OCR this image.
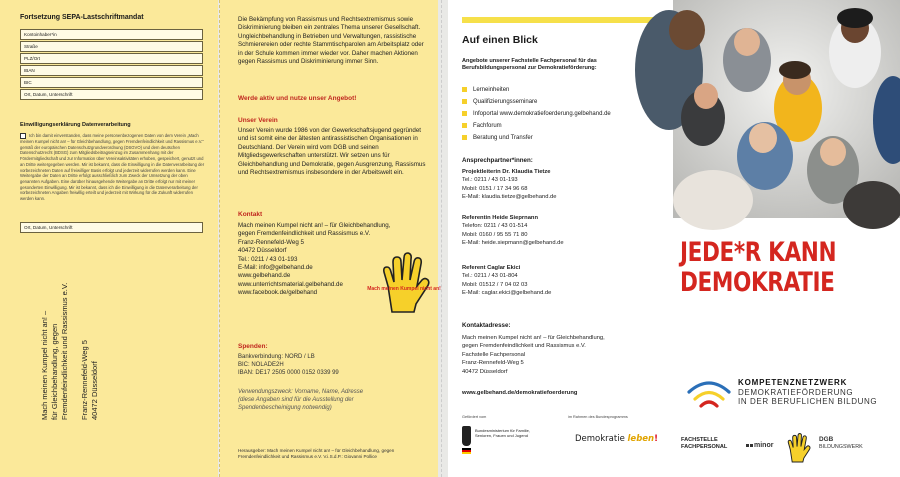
Fortsetzung SEPA-Lastschriftmandat
Kontoinhaber*in
Straße
PLZ/Ort
IBAN
BIC
Ort, Datum, Unterschrift
Einwilligungserklärung Datenverarbeitung
Ich bin damit einverstanden, dass meine personenbezogenen Daten von dem Verein „Mach meinen Kumpel nicht an! – für Gleichbehandlung, gegen Fremdenfeindlichkeit und Rassismus e.V.“ gemäß der europäischen Datenschutzgrundverordnung (DSGVO) und dem deutschen Datenschutzrecht (BDSG) zum Mitgliedsbeitragseinzug im Zusammenhang mit der Fördermitgliedschaft und zur Information über Vereinsaktivitäten erhoben, gespeichert, genutzt und an Dritte weitergegeben werden. Mir ist bekannt, dass die Einwilligung in die Datenverarbeitung der vorbezeichneten Daten auf freiwilliger Basis erfolgt und jederzeit widerrufen werden kann. Eine Weitergabe der Daten an Dritte erfolgt ausschließlich zum Zweck der Umsetzung der oben genannten Aufgaben. Eine darüber hinausgehende Weitergabe an Dritte erfolgt nur mit meiner gesonderten Einwilligung. Mir ist bekannt, dass ich die Einwilligung in die Datenverarbeitung der vorbezeichneten Angaben freiwillig erteilt und jederzeit mit Wirkung für die Zukunft widerrufen werden kann.
Ort, Datum, Unterschrift
Mach meinen Kumpel nicht an! – für Gleichbehandlung, gegen Fremdenfeindlichkeit und Rassismus e.V. Franz-Rennefeld-Weg 5 40472 Düsseldorf
Die Bekämpfung von Rassismus und Rechtsextremismus sowie Diskriminierung bleiben ein zentrales Thema unserer Gesellschaft. Ungleichbehandlung in Betrieben und Verwaltungen, rassistische Schmierereien oder rechte Stammtischparolen am Arbeitsplatz oder in der Schule kommen immer wieder vor. Daher machen Aktionen gegen Rassismus und Diskriminierung immer Sinn.
Werde aktiv und nutze unser Angebot!
Unser Verein
Unser Verein wurde 1986 von der Gewerkschaftsjugend gegründet und ist somit eine der ältesten antirassistischen Organisationen in Deutschland. Der Verein wird vom DGB und seinen Mitgliedsgewerkschaften unterstützt. Wir setzen uns für Gleichbehandlung und Demokratie, gegen Ausgrenzung, Rassismus und Rechtsextremismus insbesondere in der Arbeitswelt ein.
Kontakt
Mach meinen Kumpel nicht an! – für Gleichbehandlung,
gegen Fremdenfeindlichkeit und Rassismus e.V.
Franz-Rennefeld-Weg 5
40472 Düsseldorf
Tel.: 0211 / 43 01-193
E-Mail: info@gelbehand.de
www.gelbehand.de
www.unterrichtsmaterial.gelbehand.de
www.facebook.de/gelbehand
Mach meinen Kumpel nicht an!
Spenden:
Bankverbindung: NORD / LB
BIC: NOLADE2H
IBAN: DE17 2505 0000 0152 0339 99
Verwendungszweck: Vorname, Name, Adresse
(diese Angaben sind für die Ausstellung der
Spendenbescheinigung notwendig)
Herausgeber: Mach meinen Kumpel nicht an! – für Gleichbehandlung, gegen Fremdenfeindlichkeit und Rassismus e.V. V.i.S.d.P.: Giovanni Pollice
Auf einen Blick
Angebote unserer Fachstelle Fachpersonal für das Berufsbildungspersonal zur Demokratieförderung:
Lerneinheiten
Qualifizierungsseminare
Infoportal www.demokratiefoerderung.gelbehand.de
Fachforum
Beratung und Transfer
Ansprechpartner*innen:
Projektleiterin Dr. Klaudia Tietze
Tel.: 0211 / 43 01-193
Mobil: 0151 / 17 34 96 68
E-Mail: klaudia.tietze@gelbehand.de
Referentin Heide Sieprnann
Telefon: 0211 / 43 01-514
Mobil: 0160 / 95 55 71 80
E-Mail: heide.siepmann@gelbehand.de
Referent Caglar Ekici
Tel.: 0211 / 43 01-804
Mobil: 01512 / 7 04 02 03
E-Mail: caglar.ekici@gelbehand.de
Kontaktadresse:
Mach meinen Kumpel nicht an! – für Gleichbehandlung,
gegen Fremdenfeindlichkeit und Rassismus e.V.
Fachstelle Fachpersonal
Franz-Rennefeld-Weg 5
40472 Düsseldorf
www.gelbehand.de/demokratiefoerderung
Gefördert vom	im Rahmen des Bundesprogramms
Bundesministerium für Familie, Senioren, Frauen und Jugend	Demokratie leben!
JEDE*R KANN
DEMOKRATIE
KOMPETENZNETZWERK
DEMOKRATIEFÖRDERUNG
IN DER BERUFLICHEN BILDUNG
FACHSTELLE
FACHPERSONAL	minor
DGB
BILDUNGSWERK
